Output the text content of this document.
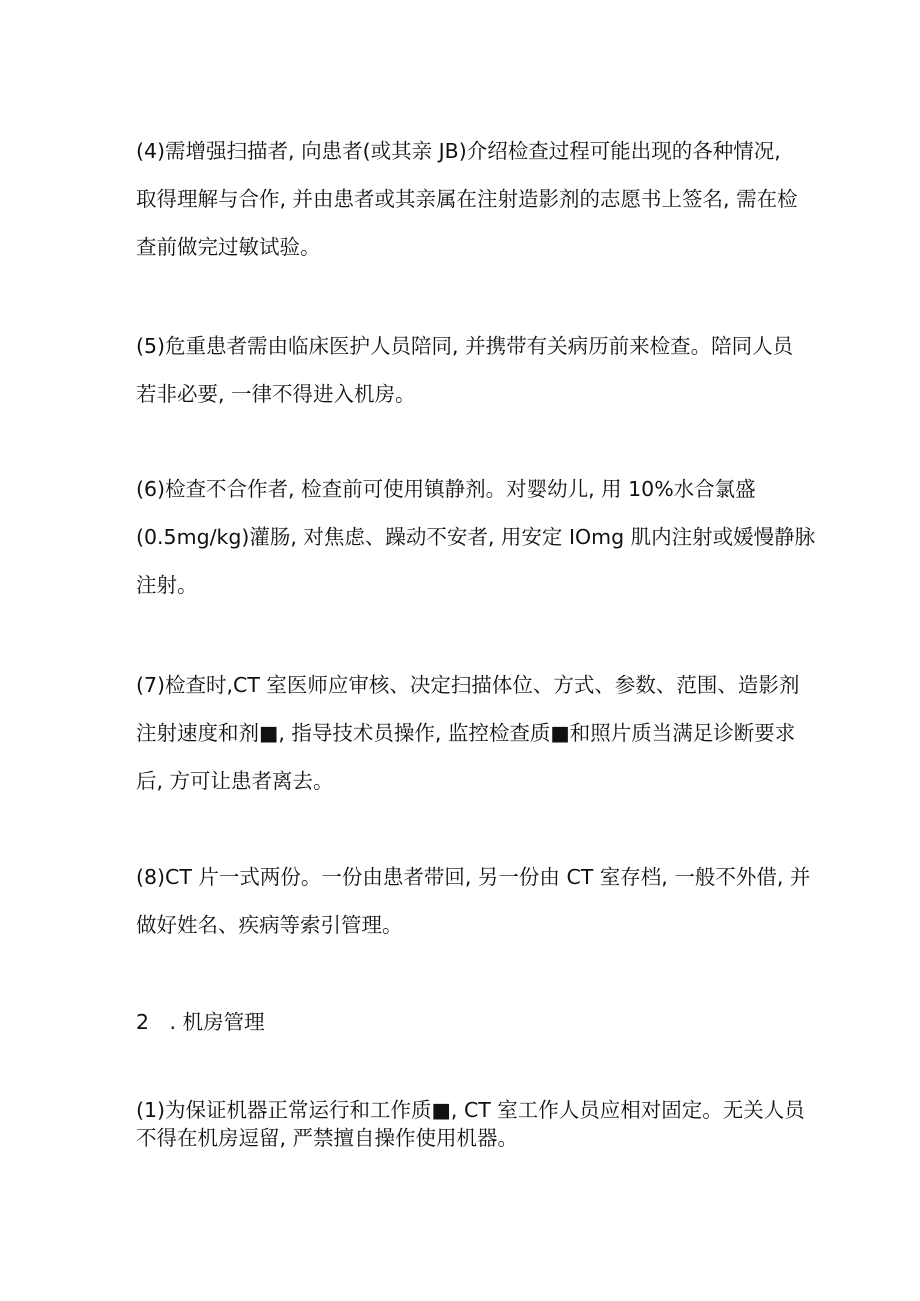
(4)需增强扫描者, 向患者(或其亲 JB)介绍检查过程可能出现的各种情况,
取得理解与合作, 并由患者或其亲属在注射造影剂的志愿书上签名, 需在检
查前做完过敏试验。

(5)危重患者需由临床医护人员陪同, 并携带有关病历前来检查。陪同人员
若非必要, 一律不得进入机房。

(6)检查不合作者, 检查前可使用镇静剂。对婴幼儿, 用 10%水合氯盛
(0.5mg/kg)灌肠, 对焦虑、躁动不安者, 用安定 IOmg 肌内注射或媛慢静脉
注射。

(7)检查时,CT 室医师应审核、决定扫描体位、方式、参数、范围、造影剂
注射速度和剂■, 指导技术员操作, 监控检查质■和照片质当满足诊断要求
后, 方可让患者离去。

(8)CT 片一式两份。一份由患者带回, 另一份由 CT 室存档, 一般不外借, 并
做好姓名、疾病等索引管理。

2　. 机房管理

(1)为保证机器正常运行和工作质■, CT 室工作人员应相对固定。无关人员
不得在机房逗留, 严禁擅自操作使用机器。
